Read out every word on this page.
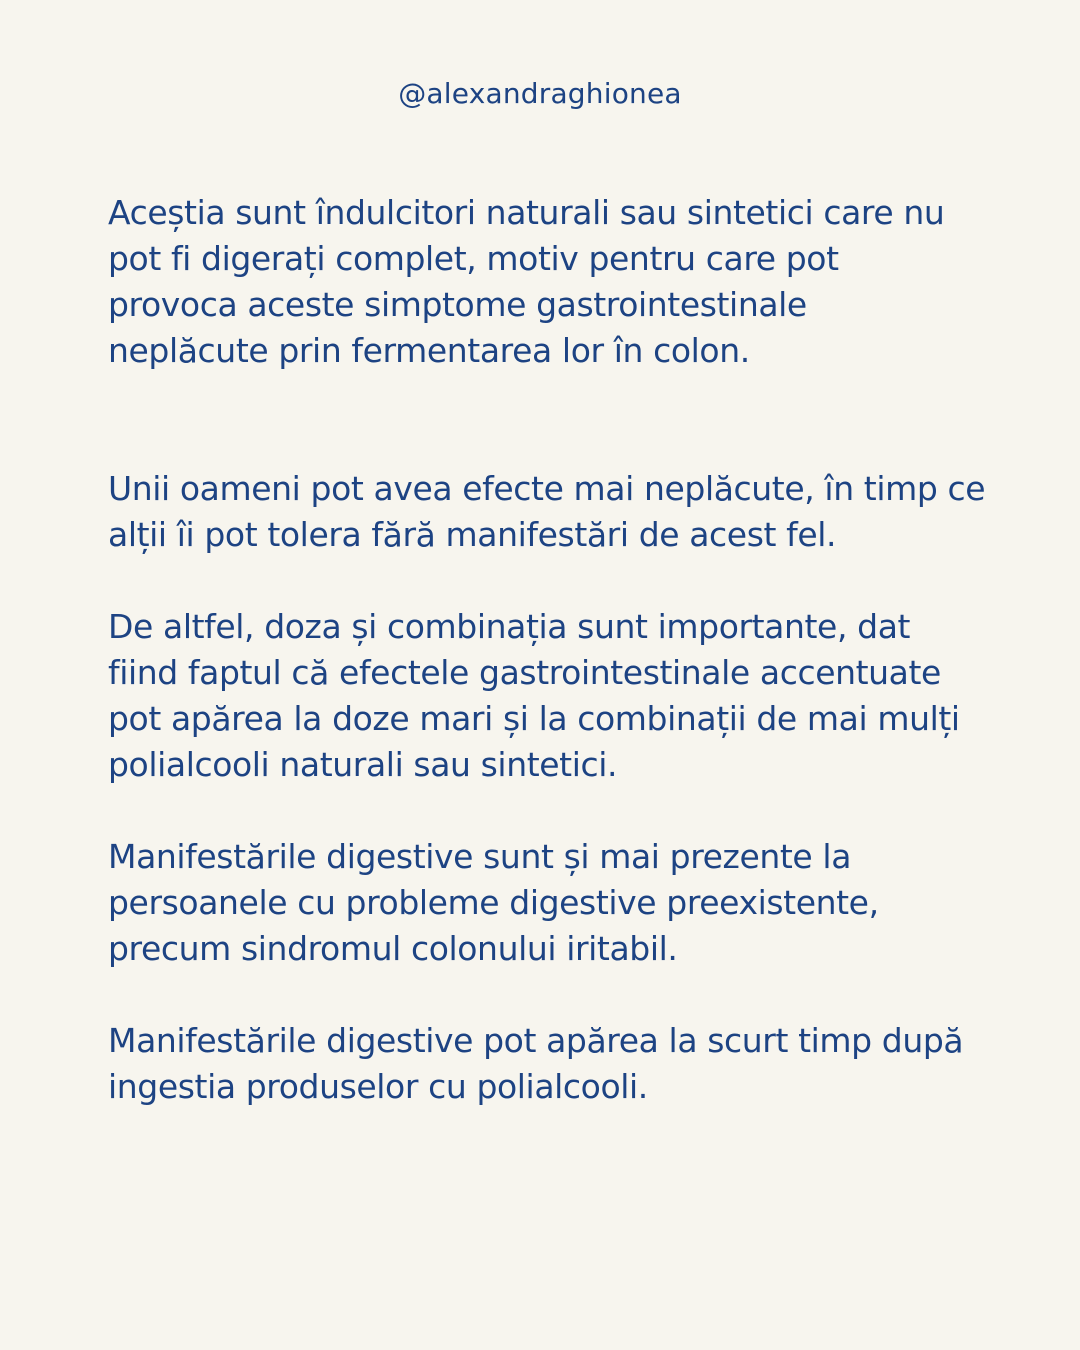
@alexandraghionea

Aceștia sunt îndulcitori naturali sau sintetici care nu
pot fi digerați complet, motiv pentru care pot
provoca aceste simptome gastrointestinale
neplăcute prin fermentarea lor în colon.

Unii oameni pot avea efecte mai neplăcute, în timp ce
alții îi pot tolera fără manifestări de acest fel.

De altfel, doza și combinația sunt importante, dat
fiind faptul că efectele gastrointestinale accentuate
pot apărea la doze mari și la combinații de mai mulți
polialcooli naturali sau sintetici.

Manifestările digestive sunt și mai prezente la
persoanele cu probleme digestive preexistente,
precum sindromul colonului iritabil.

Manifestările digestive pot apărea la scurt timp după
ingestia produselor cu polialcooli.
